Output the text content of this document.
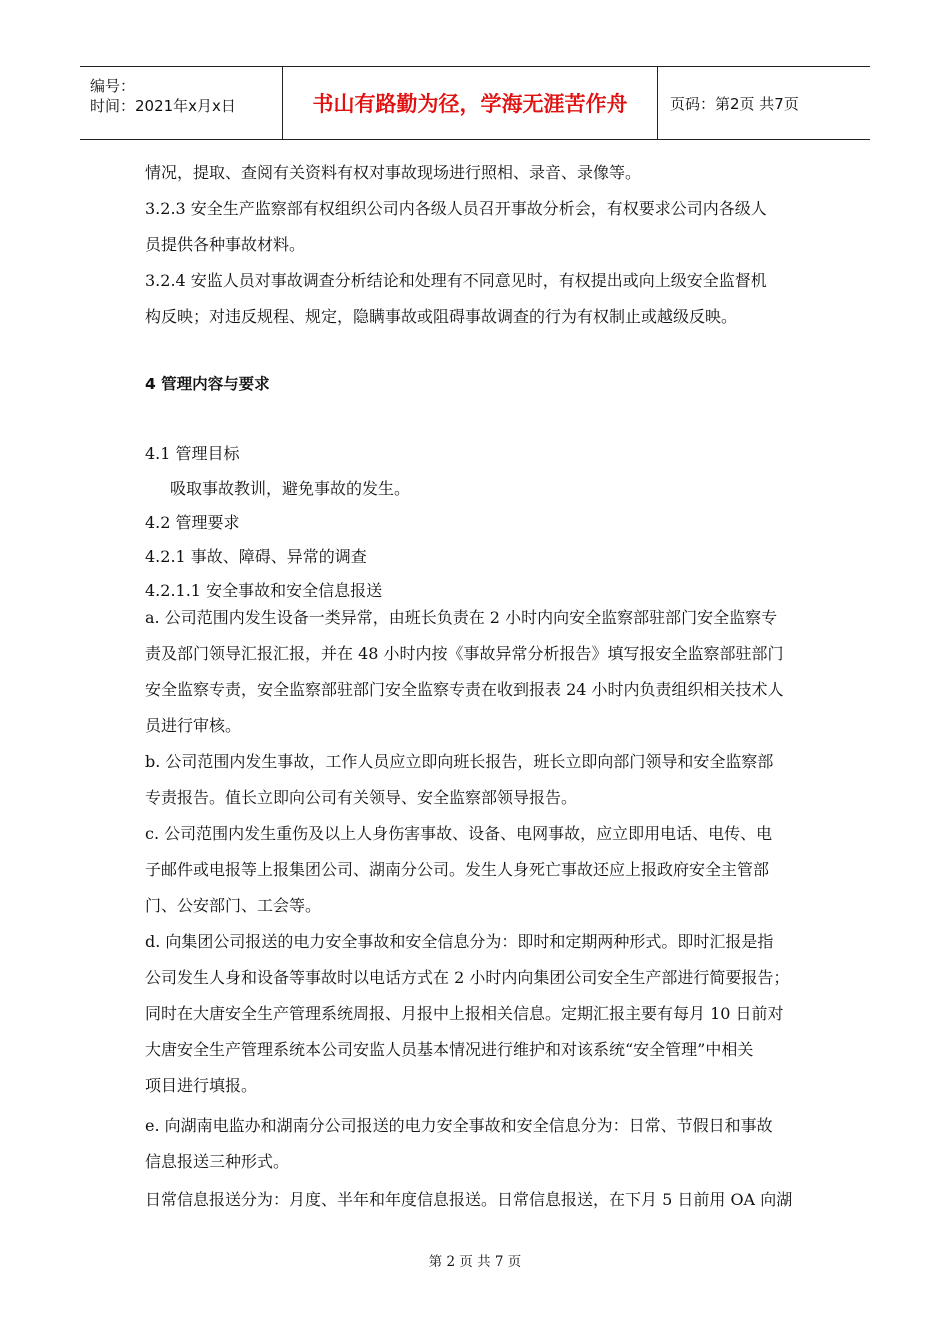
编号：
时间：2021年x月x日	书山有路勤为径，学海无涯苦作舟	页码：第2页 共7页
情况，提取、查阅有关资料有权对事故现场进行照相、录音、录像等。
3.2.3 安全生产监察部有权组织公司内各级人员召开事故分析会，有权要求公司内各级人
员提供各种事故材料。
3.2.4 安监人员对事故调查分析结论和处理有不同意见时，有权提出或向上级安全监督机
构反映；对违反规程、规定，隐瞒事故或阻碍事故调查的行为有权制止或越级反映。
4 管理内容与要求
4.1 管理目标
吸取事故教训，避免事故的发生。
4.2 管理要求
4.2.1 事故、障碍、异常的调查
4.2.1.1 安全事故和安全信息报送
a. 公司范围内发生设备一类异常，由班长负责在 2 小时内向安全监察部驻部门安全监察专
责及部门领导汇报汇报，并在 48 小时内按《事故异常分析报告》填写报安全监察部驻部门
安全监察专责，安全监察部驻部门安全监察专责在收到报表 24 小时内负责组织相关技术人
员进行审核。
b. 公司范围内发生事故，工作人员应立即向班长报告，班长立即向部门领导和安全监察部
专责报告。值长立即向公司有关领导、安全监察部领导报告。
c. 公司范围内发生重伤及以上人身伤害事故、设备、电网事故，应立即用电话、电传、电
子邮件或电报等上报集团公司、湖南分公司。发生人身死亡事故还应上报政府安全主管部
门、公安部门、工会等。
d. 向集团公司报送的电力安全事故和安全信息分为：即时和定期两种形式。即时汇报是指
公司发生人身和设备等事故时以电话方式在 2 小时内向集团公司安全生产部进行简要报告；
同时在大唐安全生产管理系统周报、月报中上报相关信息。定期汇报主要有每月 10 日前对
大唐安全生产管理系统本公司安监人员基本情况进行维护和对该系统“安全管理”中相关
项目进行填报。
e. 向湖南电监办和湖南分公司报送的电力安全事故和安全信息分为：日常、节假日和事故
信息报送三种形式。
日常信息报送分为：月度、半年和年度信息报送。日常信息报送，在下月 5 日前用 OA 向湖
第 2 页 共 7 页
